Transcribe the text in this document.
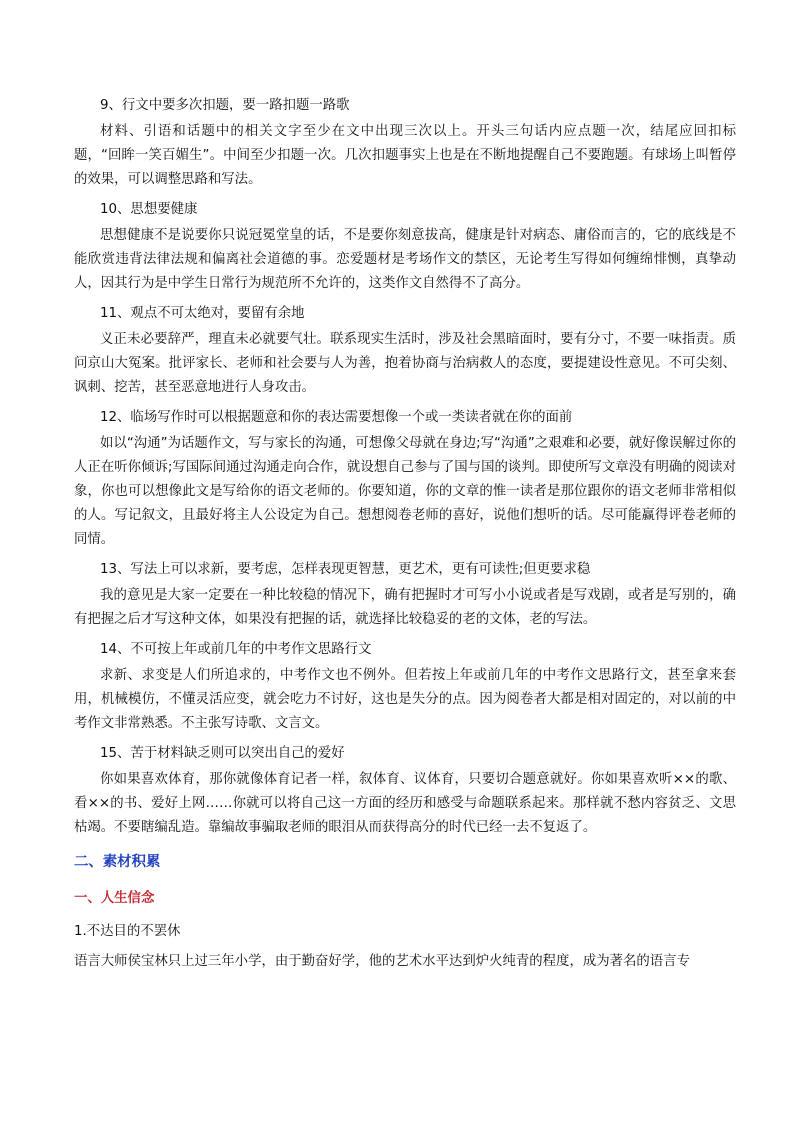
9、行文中要多次扣题，要一路扣题一路歌

材料、引语和话题中的相关文字至少在文中出现三次以上。开头三句话内应点题一次，结尾应回扣标题，“回眸一笑百媚生”。中间至少扣题一次。几次扣题事实上也是在不断地提醒自己不要跑题。有球场上叫暂停的效果，可以调整思路和写法。

10、思想要健康

思想健康不是说要你只说冠冕堂皇的话，不是要你刻意拔高，健康是针对病态、庸俗而言的，它的底线是不能欣赏违背法律法规和偏离社会道德的事。恋爱题材是考场作文的禁区，无论考生写得如何缠绵悱恻，真挚动人，因其行为是中学生日常行为规范所不允许的，这类作文自然得不了高分。

11、观点不可太绝对，要留有余地

义正未必要辞严，理直未必就要气壮。联系现实生活时，涉及社会黑暗面时，要有分寸，不要一味指责。质问京山大冤案。批评家长、老师和社会要与人为善，抱着协商与治病救人的态度，要提建设性意见。不可尖刻、讽刺、挖苦，甚至恶意地进行人身攻击。

12、临场写作时可以根据题意和你的表达需要想像一个或一类读者就在你的面前

如以“沟通”为话题作文，写与家长的沟通，可想像父母就在身边;写“沟通”之艰难和必要，就好像误解过你的人正在听你倾诉;写国际间通过沟通走向合作，就设想自己参与了国与国的谈判。即使所写文章没有明确的阅读对象，你也可以想像此文是写给你的语文老师的。你要知道，你的文章的惟一读者是那位跟你的语文老师非常相似的人。写记叙文，且最好将主人公设定为自己。想想阅卷老师的喜好，说他们想听的话。尽可能赢得评卷老师的同情。

13、写法上可以求新，要考虑，怎样表现更智慧，更艺术，更有可读性;但更要求稳

我的意见是大家一定要在一种比较稳的情况下，确有把握时才可写小小说或者是写戏剧，或者是写别的，确有把握之后才写这种文体，如果没有把握的话，就选择比较稳妥的老的文体，老的写法。

14、不可按上年或前几年的中考作文思路行文

求新、求变是人们所追求的，中考作文也不例外。但若按上年或前几年的中考作文思路行文，甚至拿来套用，机械模仿，不懂灵活应变，就会吃力不讨好，这也是失分的点。因为阅卷者大都是相对固定的，对以前的中考作文非常熟悉。不主张写诗歌、文言文。

15、苦于材料缺乏则可以突出自己的爱好

你如果喜欢体育，那你就像体育记者一样，叙体育、议体育，只要切合题意就好。你如果喜欢听××的歌、看××的书、爱好上网……你就可以将自己这一方面的经历和感受与命题联系起来。那样就不愁内容贫乏、文思枯竭。不要瞎编乱造。靠编故事骗取老师的眼泪从而获得高分的时代已经一去不复返了。

二、素材积累
一、人生信念

1.不达目的不罢休

语言大师侯宝林只上过三年小学，由于勤奋好学，他的艺术水平达到炉火纯青的程度，成为著名的语言专
